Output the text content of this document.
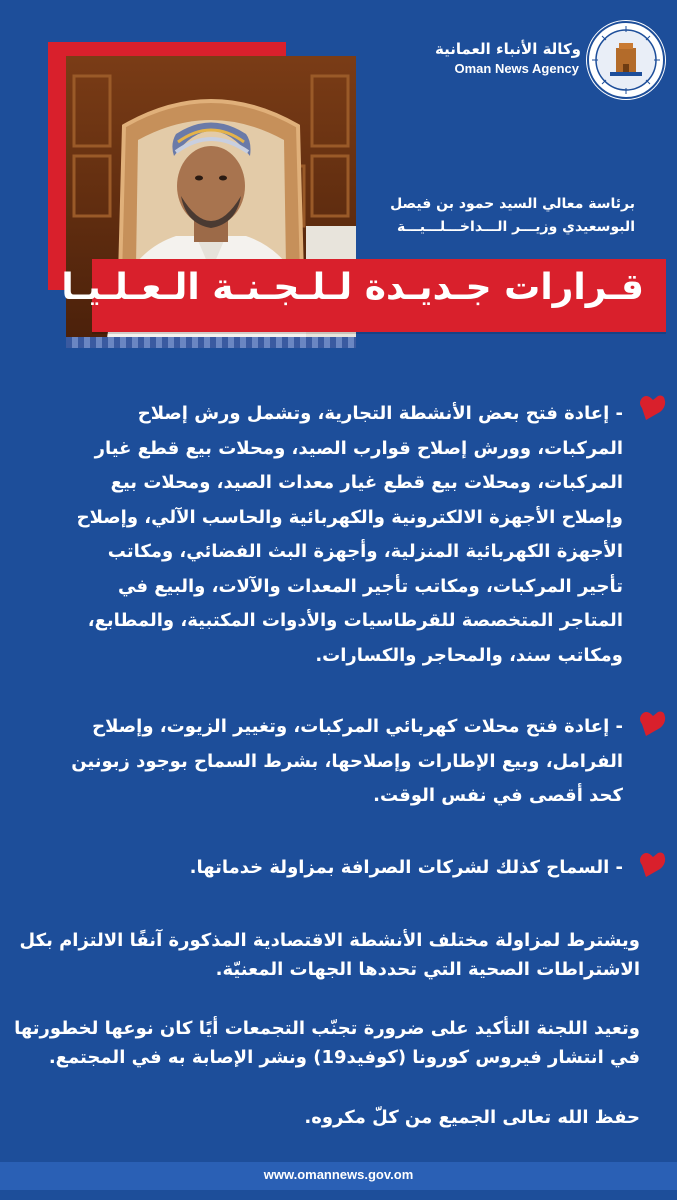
وكالة الأنباء العمانية
Oman News Agency
برئاسة معالي السيد حمود بن فيصل
البوسعيدي وزيـــر الـــداخـــلـــيـــة
قـرارات جـديـدة لـلـجـنـة الـعـلـيـا
- إعادة فتح بعض الأنشطة التجارية، وتشمل ورش إصلاح
المركبات، وورش إصلاح قوارب الصيد، ومحلات بيع قطع غيار
المركبات، ومحلات بيع قطع غيار معدات الصيد، ومحلات بيع
وإصلاح الأجهزة الالكترونية والكهربائية والحاسب الآلي، وإصلاح
الأجهزة الكهربائية المنزلية، وأجهزة البث الفضائي، ومكاتب
تأجير المركبات، ومكاتب تأجير المعدات والآلات، والبيع في
المتاجر المتخصصة للقرطاسيات والأدوات المكتبية، والمطابع،
ومكاتب سند، والمحاجر والكسارات.
- إعادة فتح محلات كهربائي المركبات، وتغيير الزيوت، وإصلاح
الفرامل، وبيع الإطارات وإصلاحها، بشرط السماح بوجود زبونين
كحد أقصى في نفس الوقت.
- السماح كذلك لشركات الصرافة بمزاولة خدماتها.
ويشترط لمزاولة مختلف الأنشطة الاقتصادية المذكورة آنفًا الالتزام بكل
الاشتراطات الصحية التي تحددها الجهات المعنيّة.
وتعيد اللجنة التأكيد على ضرورة تجنّب التجمعات أيًا كان نوعها لخطورتها
في انتشار فيروس كورونا (كوفيد19) ونشر الإصابة به في المجتمع.
حفظ الله تعالى الجميع من كلّ مكروه.
www.omannews.gov.om
